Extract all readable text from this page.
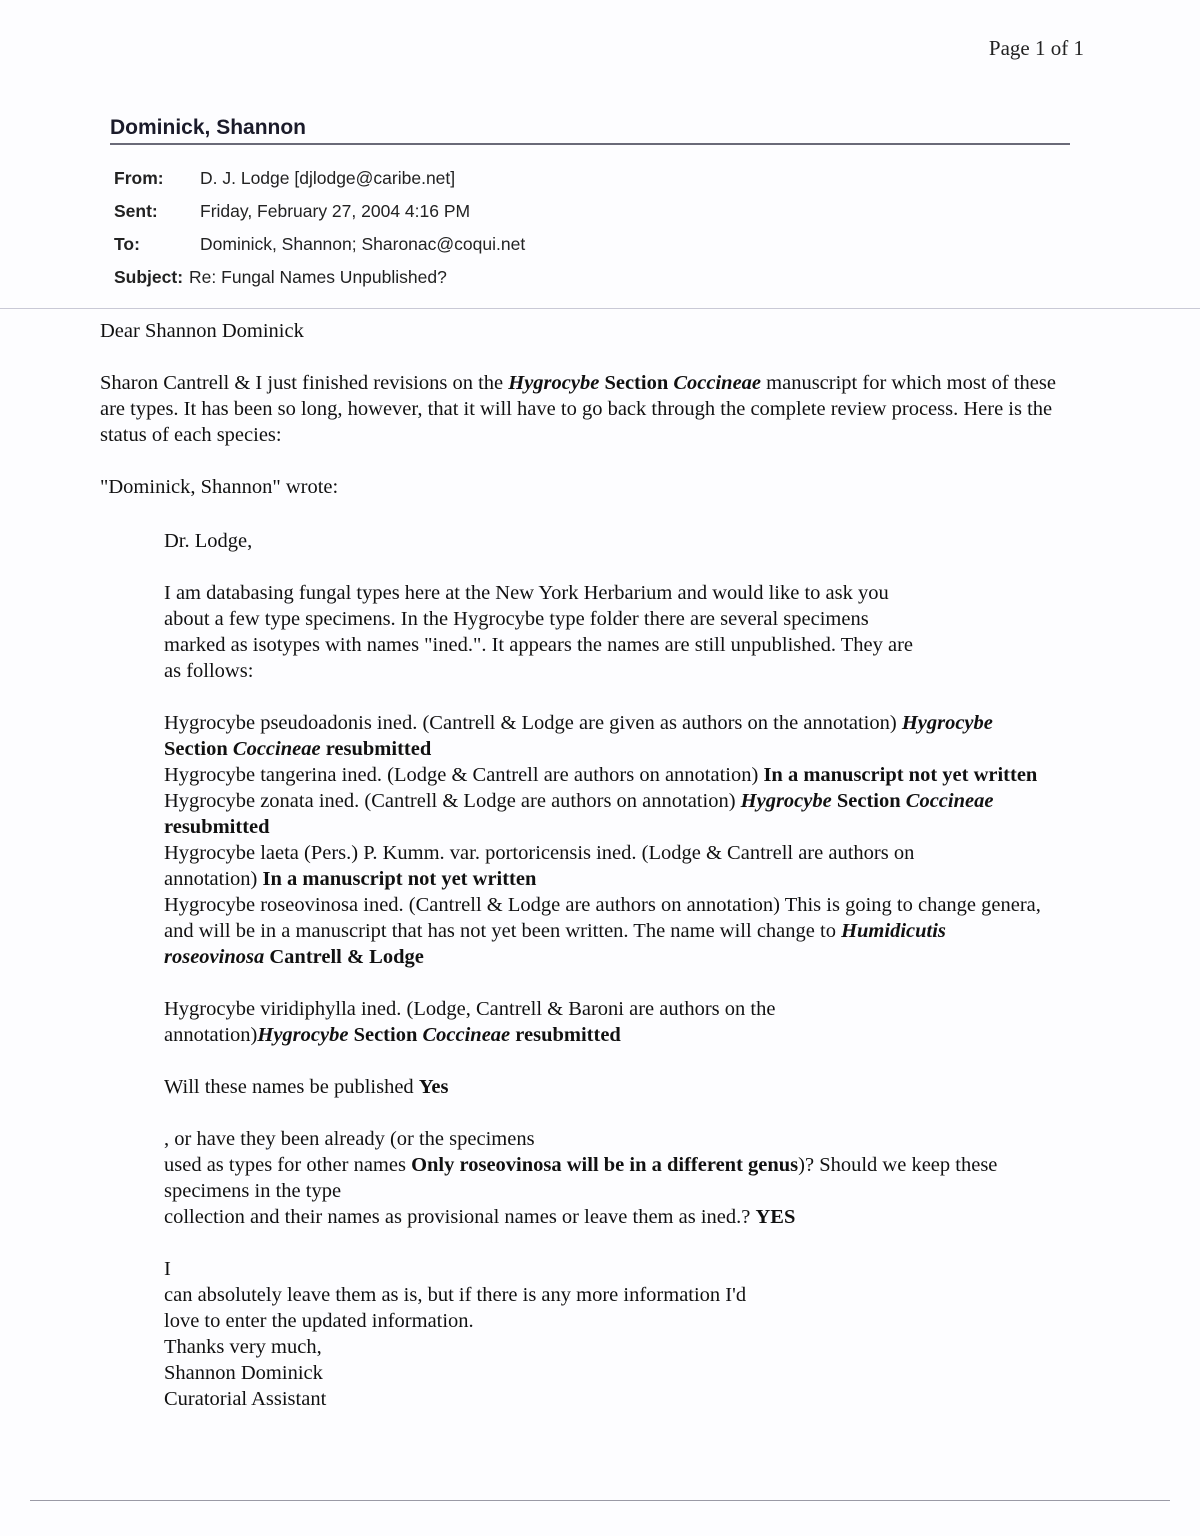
Page 1 of 1
Dominick, Shannon
From:	D. J. Lodge [djlodge@caribe.net]
Sent:	Friday, February 27, 2004 4:16 PM
To:	Dominick, Shannon; Sharonac@coqui.net
Subject: Re: Fungal Names Unpublished?

Dear Shannon Dominick

Sharon Cantrell & I just finished revisions on the Hygrocybe Section Coccineae manuscript for which most of these are types. It has been so long, however, that it will have to go back through the complete review process. Here is the status of each species:

"Dominick, Shannon" wrote:

Dr. Lodge,

I am databasing fungal types here at the New York Herbarium and would like to ask you about a few type specimens. In the Hygrocybe type folder there are several specimens marked as isotypes with names "ined.". It appears the names are still unpublished. They are as follows:

Hygrocybe pseudoadonis ined. (Cantrell & Lodge are given as authors on the annotation) Hygrocybe Section Coccineae resubmitted

Hygrocybe tangerina ined. (Lodge & Cantrell are authors on annotation) In a manuscript not yet written

Hygrocybe zonata ined. (Cantrell & Lodge are authors on annotation) Hygrocybe Section Coccineae resubmitted

Hygrocybe laeta (Pers.) P. Kumm. var. portoricensis ined. (Lodge & Cantrell are authors on annotation) In a manuscript not yet written

Hygrocybe roseovinosa ined. (Cantrell & Lodge are authors on annotation) This is going to change genera, and will be in a manuscript that has not yet been written. The name will change to Humidicutis roseovinosa Cantrell & Lodge

Hygrocybe viridiphylla ined. (Lodge, Cantrell & Baroni are authors on the annotation)Hygrocybe Section Coccineae resubmitted

Will these names be published Yes

, or have they been already (or the specimens

used as types for other names Only roseovinosa will be in a different genus)? Should we keep these specimens in the type

collection and their names as provisional names or leave them as ined.? YES

I

can absolutely leave them as is, but if there is any more information I'd

love to enter the updated information.

Thanks very much,

Shannon Dominick

Curatorial Assistant
